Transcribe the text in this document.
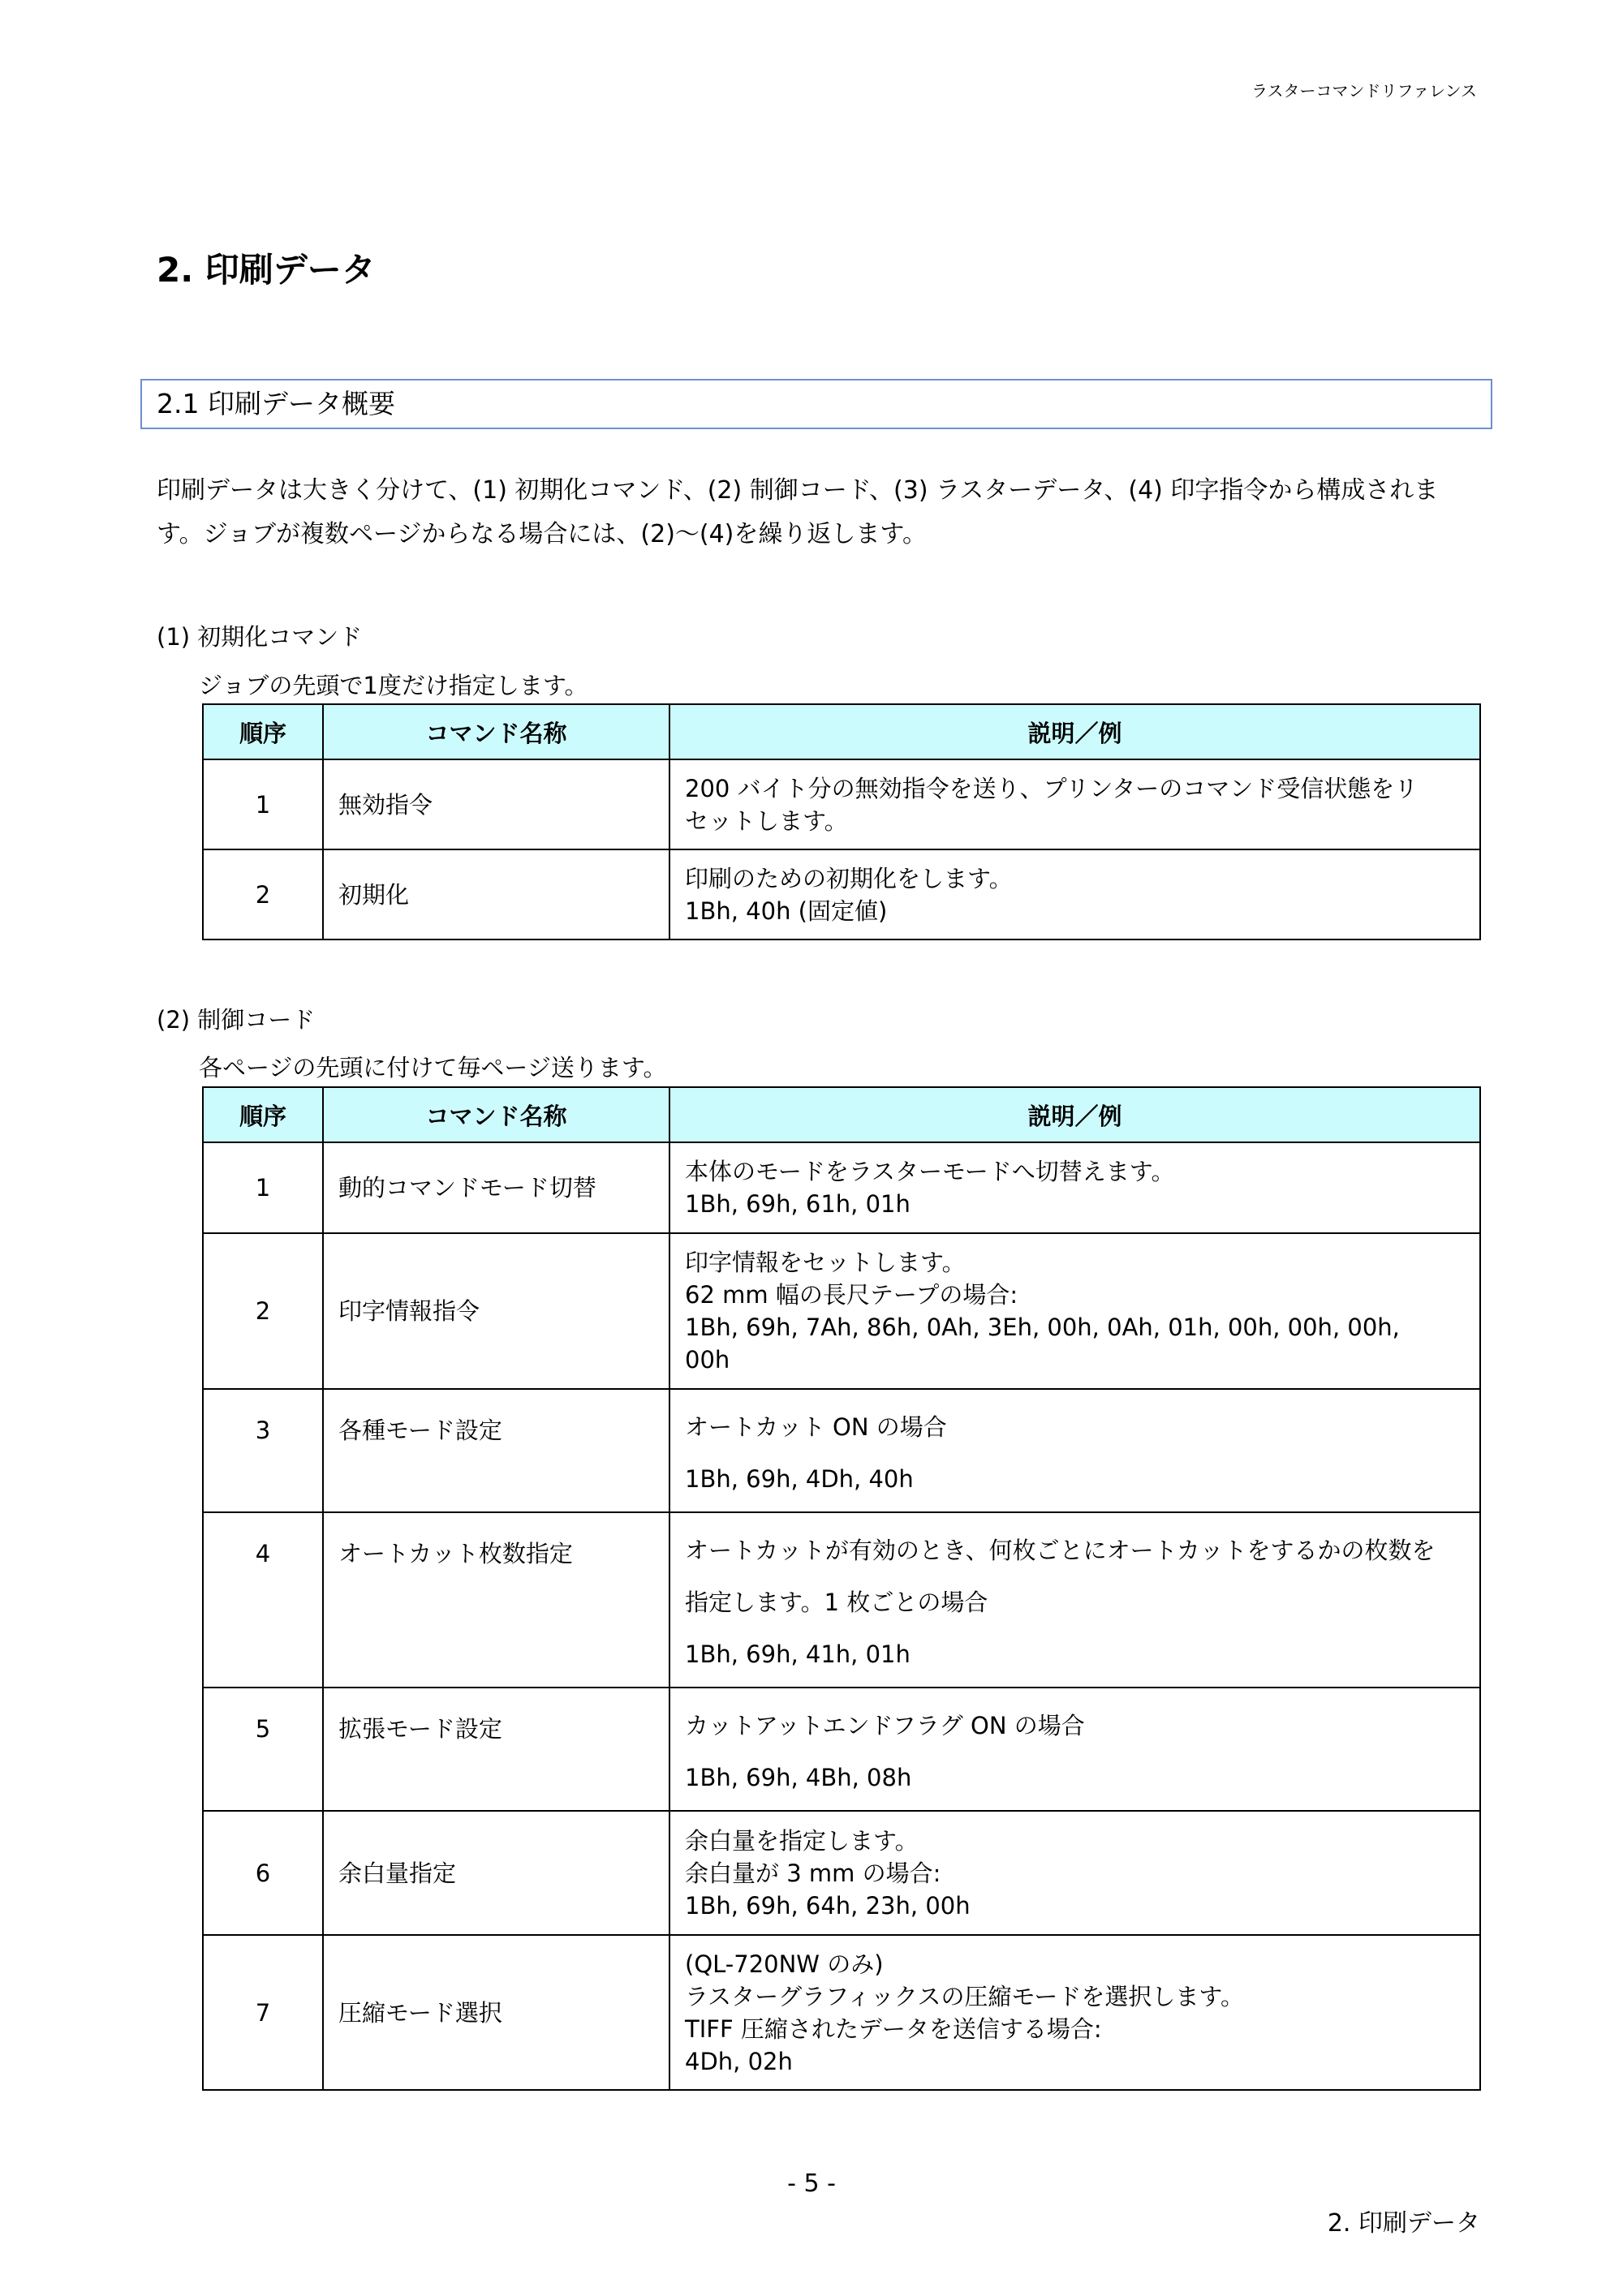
ラスターコマンドリファレンス
2. 印刷データ
2.1 印刷データ概要
印刷データは大きく分けて、(1) 初期化コマンド、(2) 制御コード、(3) ラスターデータ、(4) 印字指令から構成されま
す。ジョブが複数ページからなる場合には、(2)〜(4)を繰り返します。
(1) 初期化コマンド
ジョブの先頭で1度だけ指定します。
順序	コマンド名称	説明／例
1	無効指令	200 バイト分の無効指令を送り、プリンターのコマンド受信状態をリ
セットします。

2	初期化	印刷のための初期化をします。
1Bh, 40h (固定値)
(2) 制御コード
各ページの先頭に付けて毎ページ送ります。
順序	コマンド名称	説明／例
1	動的コマンドモード切替	本体のモードをラスターモードへ切替えます。
1Bh, 69h, 61h, 01h

2	印字情報指令	印字情報をセットします。
62 mm 幅の長尺テープの場合:
1Bh, 69h, 7Ah, 86h, 0Ah, 3Eh, 00h, 0Ah, 01h, 00h, 00h, 00h,
00h

3	各種モード設定	オートカット ON の場合
1Bh, 69h, 4Dh, 40h

4	オートカット枚数指定	オートカットが有効のとき、何枚ごとにオートカットをするかの枚数を
指定します。1 枚ごとの場合
1Bh, 69h, 41h, 01h

5	拡張モード設定	カットアットエンドフラグ ON の場合
1Bh, 69h, 4Bh, 08h

6	余白量指定	余白量を指定します。
余白量が 3 mm の場合:
1Bh, 69h, 64h, 23h, 00h

7	圧縮モード選択	(QL-720NW のみ)
ラスターグラフィックスの圧縮モードを選択します。
TIFF 圧縮されたデータを送信する場合:
4Dh, 02h
- 5 -
2. 印刷データ
